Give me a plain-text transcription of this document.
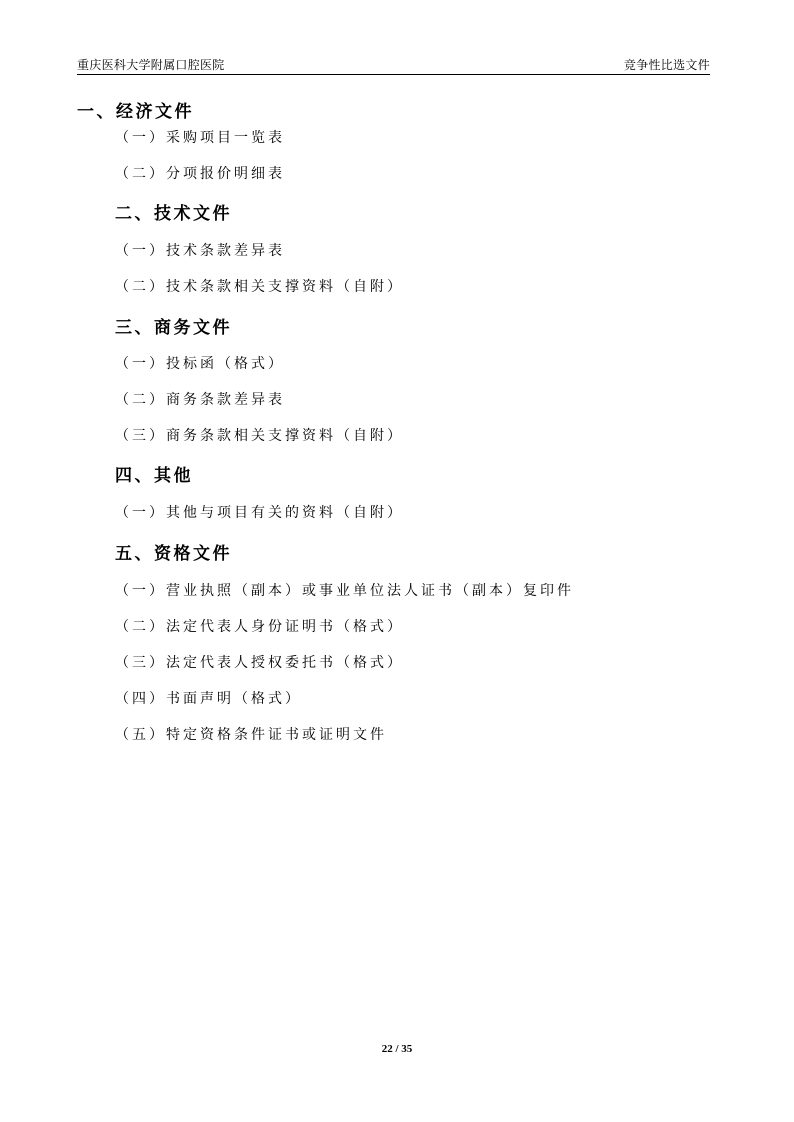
重庆医科大学附属口腔医院	竞争性比选文件
一、经济文件
（一）采购项目一览表
（二）分项报价明细表
二、技术文件
（一）技术条款差异表
（二）技术条款相关支撑资料（自附）
三、商务文件
（一）投标函（格式）
（二）商务条款差异表
（三）商务条款相关支撑资料（自附）
四、其他
（一）其他与项目有关的资料（自附）
五、资格文件
（一）营业执照（副本）或事业单位法人证书（副本）复印件
（二）法定代表人身份证明书（格式）
（三）法定代表人授权委托书（格式）
（四）书面声明（格式）
（五）特定资格条件证书或证明文件
22 / 35
